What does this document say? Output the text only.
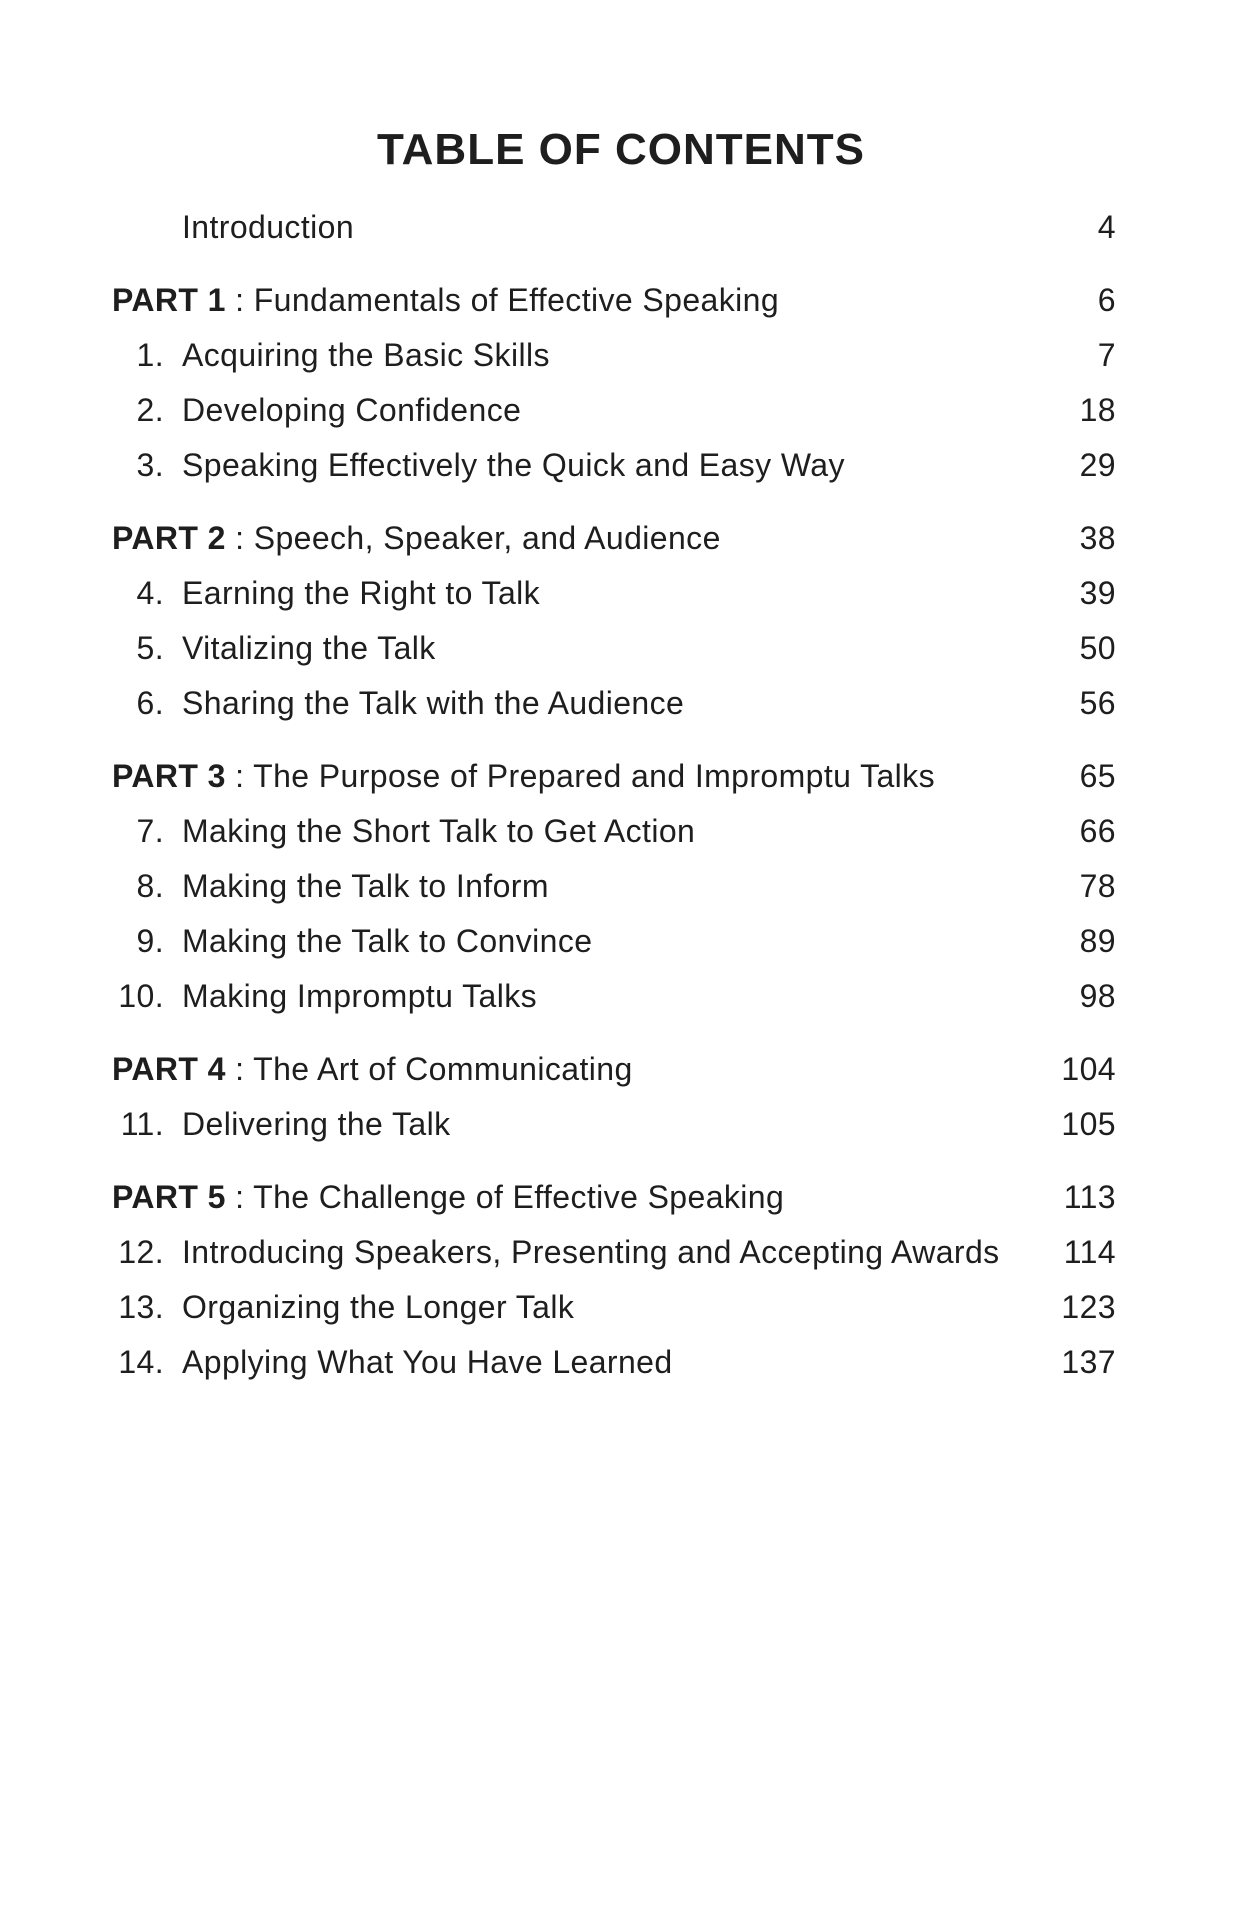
TABLE OF CONTENTS
Introduction	4
PART 1 : Fundamentals of Effective Speaking	6
1. Acquiring the Basic Skills	7
2. Developing Confidence	18
3. Speaking Effectively the Quick and Easy Way	29
PART 2 : Speech, Speaker, and Audience	38
4. Earning the Right to Talk	39
5. Vitalizing the Talk	50
6. Sharing the Talk with the Audience	56
PART 3 : The Purpose of Prepared and Impromptu Talks	65
7. Making the Short Talk to Get Action	66
8. Making the Talk to Inform	78
9. Making the Talk to Convince	89
10. Making Impromptu Talks	98
PART 4 : The Art of Communicating	104
11. Delivering the Talk	105
PART 5 : The Challenge of Effective Speaking	113
12. Introducing Speakers, Presenting and Accepting Awards 114
13. Organizing the Longer Talk	123
14. Applying What You Have Learned	137
